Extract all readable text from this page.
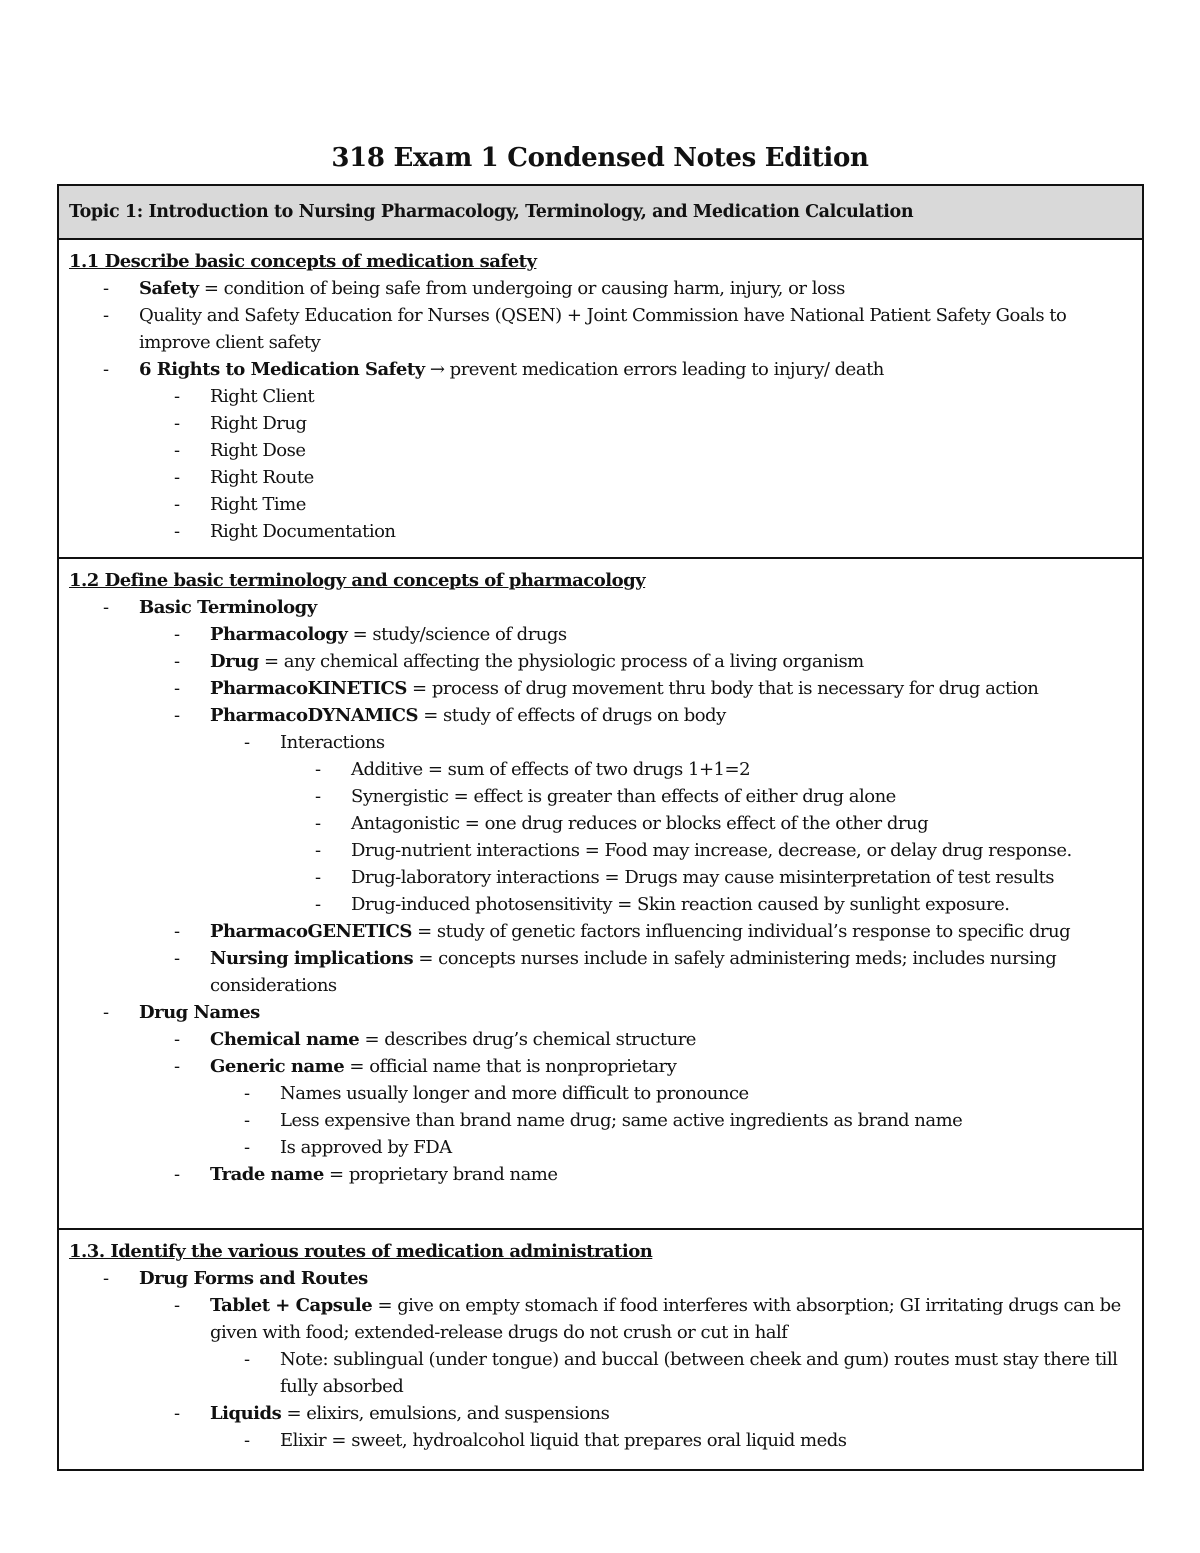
318 Exam 1 Condensed Notes Edition
Topic 1: Introduction to Nursing Pharmacology, Terminology, and Medication Calculation
1.1 Describe basic concepts of medication safety
- Safety = condition of being safe from undergoing or causing harm, injury, or loss
- Quality and Safety Education for Nurses (QSEN) + Joint Commission have National Patient Safety Goals to improve client safety
- 6 Rights to Medication Safety → prevent medication errors leading to injury/ death
- Right Client
- Right Drug
- Right Dose
- Right Route
- Right Time
- Right Documentation
1.2 Define basic terminology and concepts of pharmacology
- Basic Terminology
- Pharmacology = study/science of drugs
- Drug = any chemical affecting the physiologic process of a living organism
- PharmacoKINETICS = process of drug movement thru body that is necessary for drug action
- PharmacoDYNAMICS = study of effects of drugs on body
- Interactions
- Additive = sum of effects of two drugs 1+1=2
- Synergistic = effect is greater than effects of either drug alone
- Antagonistic = one drug reduces or blocks effect of the other drug
- Drug-nutrient interactions = Food may increase, decrease, or delay drug response.
- Drug-laboratory interactions = Drugs may cause misinterpretation of test results
- Drug-induced photosensitivity = Skin reaction caused by sunlight exposure.
- PharmacoGENETICS = study of genetic factors influencing individual’s response to specific drug
- Nursing implications = concepts nurses include in safely administering meds; includes nursing considerations
- Drug Names
- Chemical name = describes drug’s chemical structure
- Generic name = official name that is nonproprietary
- Names usually longer and more difficult to pronounce
- Less expensive than brand name drug; same active ingredients as brand name
- Is approved by FDA
- Trade name = proprietary brand name
1.3. Identify the various routes of medication administration
- Drug Forms and Routes
- Tablet + Capsule = give on empty stomach if food interferes with absorption; GI irritating drugs can be given with food; extended-release drugs do not crush or cut in half
- Note: sublingual (under tongue) and buccal (between cheek and gum) routes must stay there till fully absorbed
- Liquids = elixirs, emulsions, and suspensions
- Elixir = sweet, hydroalcohol liquid that prepares oral liquid meds
